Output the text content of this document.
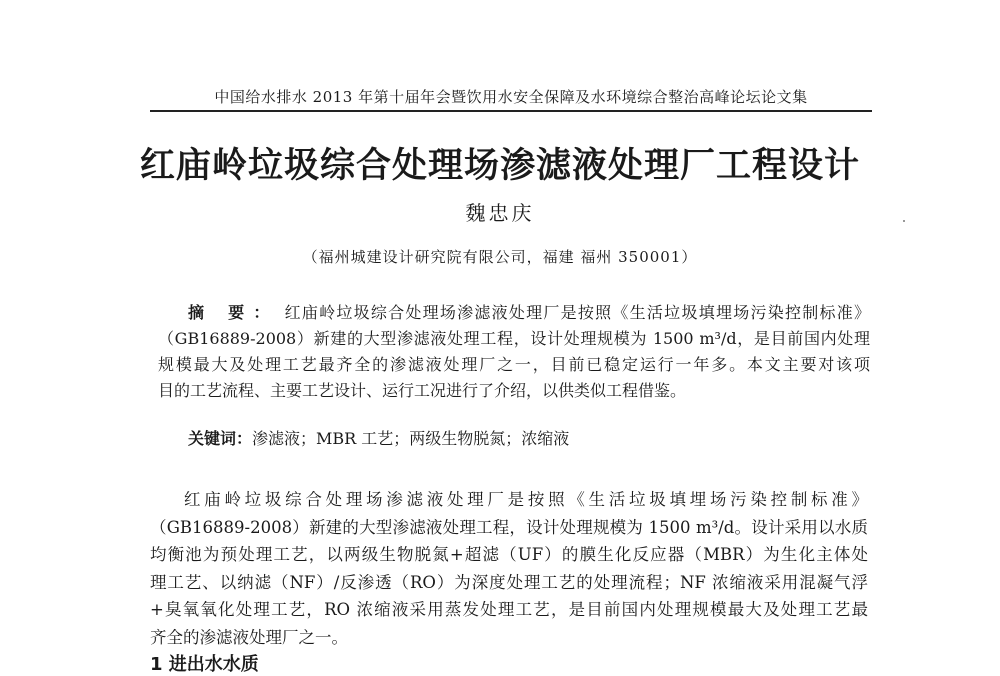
中国给水排水 2013 年第十届年会暨饮用水安全保障及水环境综合整治高峰论坛论文集
红庙岭垃圾综合处理场渗滤液处理厂工程设计
魏忠庆
（福州城建设计研究院有限公司，福建 福州 350001）
摘 要： 红庙岭垃圾综合处理场渗滤液处理厂是按照《生活垃圾填埋场污染控制标准》
（GB16889-2008）新建的大型渗滤液处理工程，设计处理规模为 1500 m³/d，是目前国内处理
规模最大及处理工艺最齐全的渗滤液处理厂之一，目前已稳定运行一年多。本文主要对该项
目的工艺流程、主要工艺设计、运行工况进行了介绍，以供类似工程借鉴。
关键词：渗滤液；MBR 工艺；两级生物脱氮；浓缩液
红庙岭垃圾综合处理场渗滤液处理厂是按照《生活垃圾填埋场污染控制标准》
（GB16889-2008）新建的大型渗滤液处理工程，设计处理规模为 1500 m³/d。设计采用以水质
均衡池为预处理工艺，以两级生物脱氮+超滤（UF）的膜生化反应器（MBR）为生化主体处
理工艺、以纳滤（NF）/反渗透（RO）为深度处理工艺的处理流程；NF 浓缩液采用混凝气浮
+臭氧氧化处理工艺，RO 浓缩液采用蒸发处理工艺，是目前国内处理规模最大及处理工艺最
齐全的渗滤液处理厂之一。
1 进出水水质
